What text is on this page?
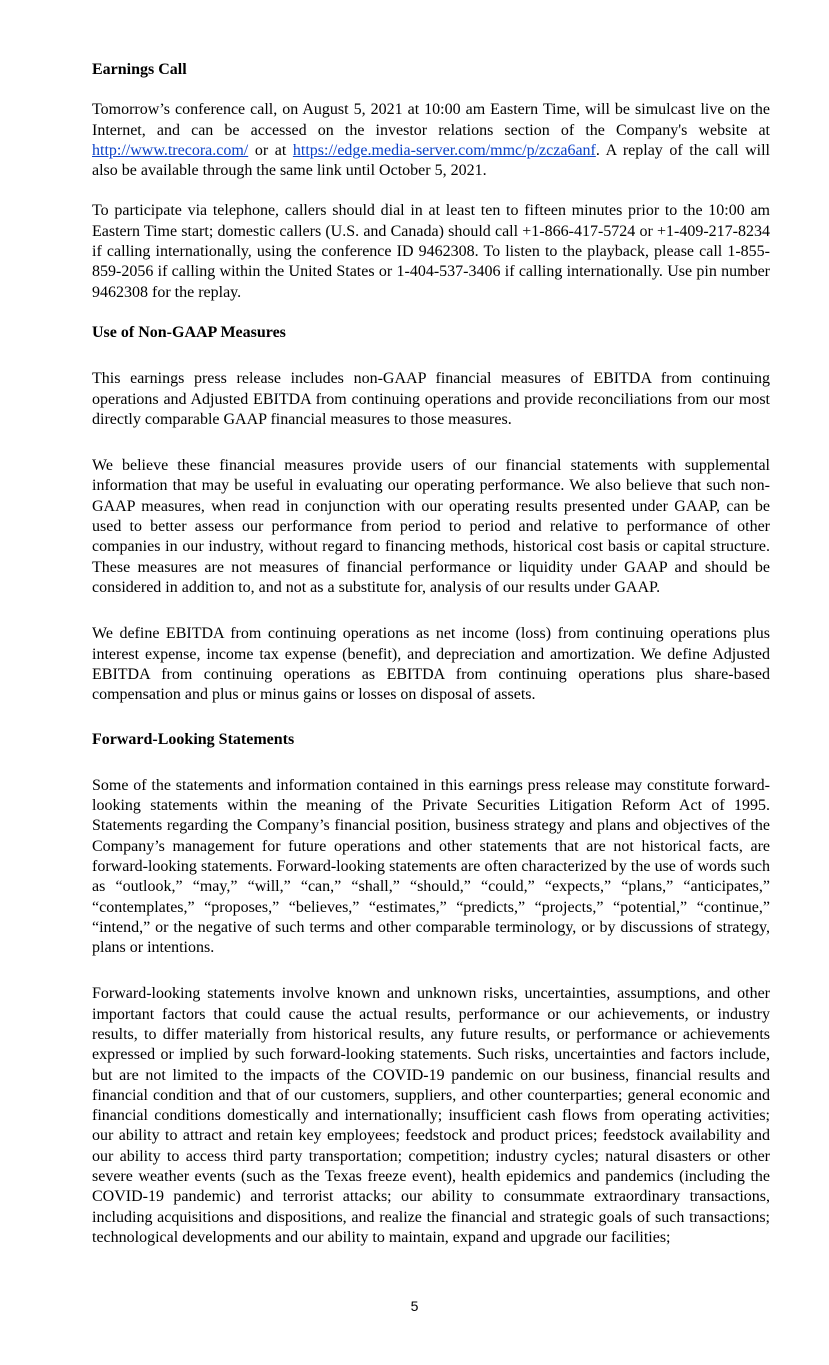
Earnings Call

Tomorrow’s conference call, on August 5, 2021 at 10:00 am Eastern Time, will be simulcast live on the Internet, and can be accessed on the investor relations section of the Company's website at http://www.trecora.com/ or at https://edge.media-server.com/mmc/p/zcza6anf. A replay of the call will also be available through the same link until October 5, 2021.

To participate via telephone, callers should dial in at least ten to fifteen minutes prior to the 10:00 am Eastern Time start; domestic callers (U.S. and Canada) should call +1-866-417-5724 or +1-409-217-8234 if calling internationally, using the conference ID 9462308. To listen to the playback, please call 1-855-859-2056 if calling within the United States or 1-404-537-3406 if calling internationally. Use pin number 9462308 for the replay.

Use of Non-GAAP Measures

This earnings press release includes non-GAAP financial measures of EBITDA from continuing operations and Adjusted EBITDA from continuing operations and provide reconciliations from our most directly comparable GAAP financial measures to those measures.

We believe these financial measures provide users of our financial statements with supplemental information that may be useful in evaluating our operating performance. We also believe that such non-GAAP measures, when read in conjunction with our operating results presented under GAAP, can be used to better assess our performance from period to period and relative to performance of other companies in our industry, without regard to financing methods, historical cost basis or capital structure. These measures are not measures of financial performance or liquidity under GAAP and should be considered in addition to, and not as a substitute for, analysis of our results under GAAP.

We define EBITDA from continuing operations as net income (loss) from continuing operations plus interest expense, income tax expense (benefit), and depreciation and amortization. We define Adjusted EBITDA from continuing operations as EBITDA from continuing operations plus share-based compensation and plus or minus gains or losses on disposal of assets.

Forward-Looking Statements

Some of the statements and information contained in this earnings press release may constitute forward-looking statements within the meaning of the Private Securities Litigation Reform Act of 1995. Statements regarding the Company’s financial position, business strategy and plans and objectives of the Company’s management for future operations and other statements that are not historical facts, are forward-looking statements. Forward-looking statements are often characterized by the use of words such as “outlook,” “may,” “will,” “can,” “shall,” “should,” “could,” “expects,” “plans,” “anticipates,” “contemplates,” “proposes,” “believes,” “estimates,” “predicts,” “projects,” “potential,” “continue,” “intend,” or the negative of such terms and other comparable terminology, or by discussions of strategy, plans or intentions.

Forward-looking statements involve known and unknown risks, uncertainties, assumptions, and other important factors that could cause the actual results, performance or our achievements, or industry results, to differ materially from historical results, any future results, or performance or achievements expressed or implied by such forward-looking statements. Such risks, uncertainties and factors include, but are not limited to the impacts of the COVID-19 pandemic on our business, financial results and financial condition and that of our customers, suppliers, and other counterparties; general economic and financial conditions domestically and internationally; insufficient cash flows from operating activities; our ability to attract and retain key employees; feedstock and product prices; feedstock availability and our ability to access third party transportation; competition; industry cycles; natural disasters or other severe weather events (such as the Texas freeze event), health epidemics and pandemics (including the COVID-19 pandemic) and terrorist attacks; our ability to consummate extraordinary transactions, including acquisitions and dispositions, and realize the financial and strategic goals of such transactions; technological developments and our ability to maintain, expand and upgrade our facilities;

5
